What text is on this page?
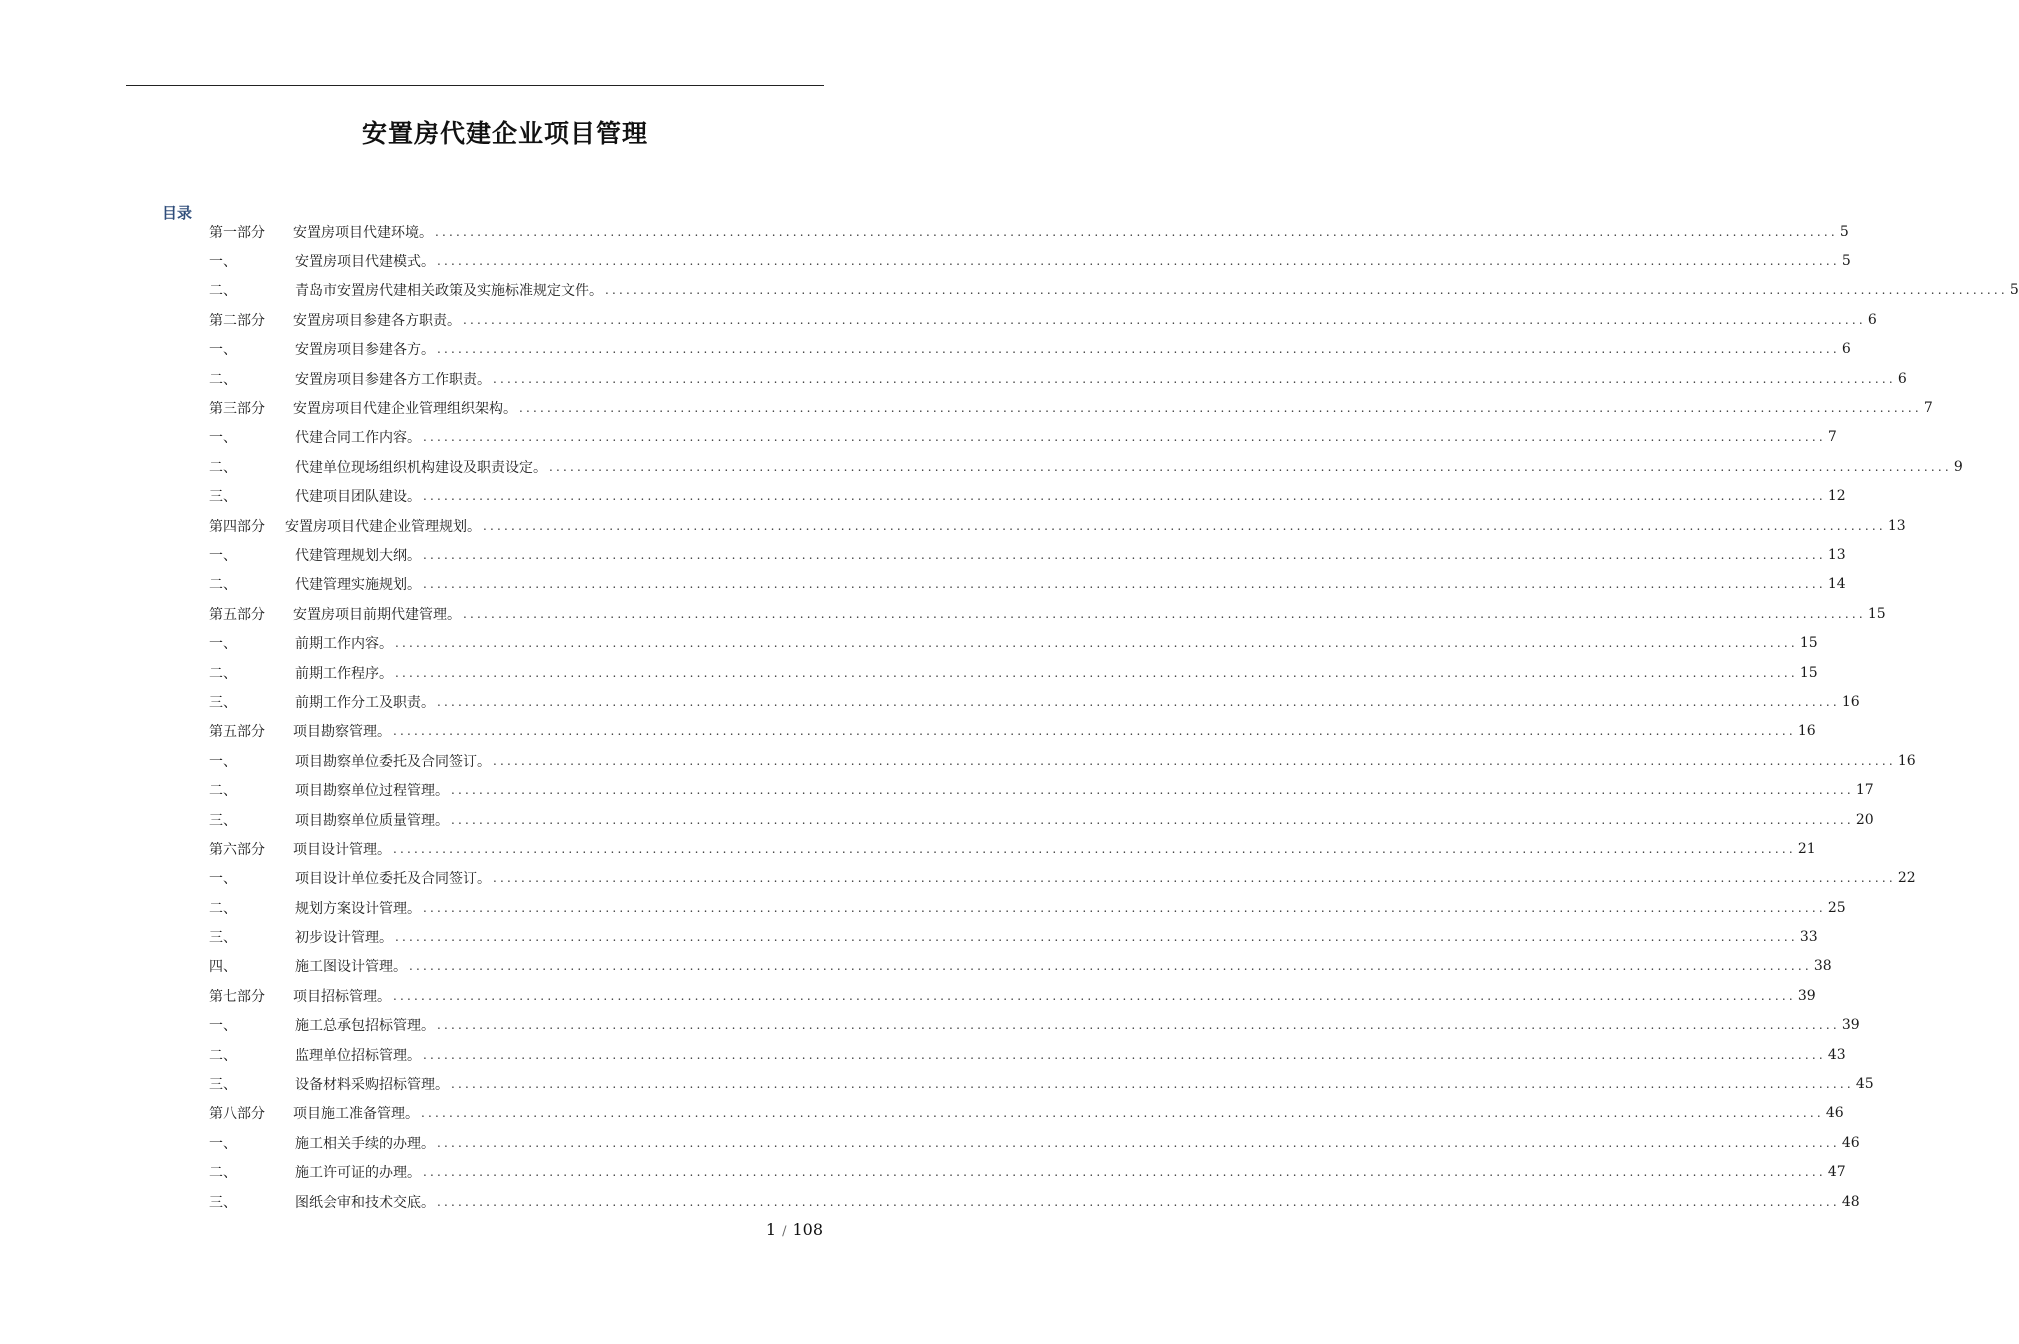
安置房代建企业项目管理
目录
第一部分	安置房项目代建环境。 ........................................................................................................................................................................................................ 5
一、	安置房项目代建模式。 ........................................................................................................................................................................................................ 5
二、	青岛市安置房代建相关政策及实施标准规定文件。 ........................................................................................................................................................................................................ 5
第二部分	安置房项目参建各方职责。 ........................................................................................................................................................................................................ 6
一、	安置房项目参建各方。 ........................................................................................................................................................................................................ 6
二、	安置房项目参建各方工作职责。 ........................................................................................................................................................................................................ 6
第三部分	安置房项目代建企业管理组织架构。 ........................................................................................................................................................................................................ 7
一、	代建合同工作内容。 ........................................................................................................................................................................................................ 7
二、	代建单位现场组织机构建设及职责设定。 ........................................................................................................................................................................................................ 9
三、	代建项目团队建设。 ........................................................................................................................................................................................................ 12
第四部分	安置房项目代建企业管理规划。 ........................................................................................................................................................................................................ 13
一、	代建管理规划大纲。 ........................................................................................................................................................................................................ 13
二、	代建管理实施规划。 ........................................................................................................................................................................................................ 14
第五部分	安置房项目前期代建管理。 ........................................................................................................................................................................................................ 15
一、	前期工作内容。 ........................................................................................................................................................................................................ 15
二、	前期工作程序。 ........................................................................................................................................................................................................ 15
三、	前期工作分工及职责。 ........................................................................................................................................................................................................ 16
第五部分	项目勘察管理。 ........................................................................................................................................................................................................ 16
一、	项目勘察单位委托及合同签订。 ........................................................................................................................................................................................................ 16
二、	项目勘察单位过程管理。 ........................................................................................................................................................................................................ 17
三、	项目勘察单位质量管理。 ........................................................................................................................................................................................................ 20
第六部分	项目设计管理。 ........................................................................................................................................................................................................ 21
一、	项目设计单位委托及合同签订。 ........................................................................................................................................................................................................ 22
二、	规划方案设计管理。 ........................................................................................................................................................................................................ 25
三、	初步设计管理。 ........................................................................................................................................................................................................ 33
四、	施工图设计管理。 ........................................................................................................................................................................................................ 38
第七部分	项目招标管理。 ........................................................................................................................................................................................................ 39
一、	施工总承包招标管理。 ........................................................................................................................................................................................................ 39
二、	监理单位招标管理。 ........................................................................................................................................................................................................ 43
三、	设备材料采购招标管理。 ........................................................................................................................................................................................................ 45
第八部分	项目施工准备管理。 ........................................................................................................................................................................................................ 46
一、	施工相关手续的办理。 ........................................................................................................................................................................................................ 46
二、	施工许可证的办理。 ........................................................................................................................................................................................................ 47
三、	图纸会审和技术交底。 ........................................................................................................................................................................................................ 48
1 / 108
